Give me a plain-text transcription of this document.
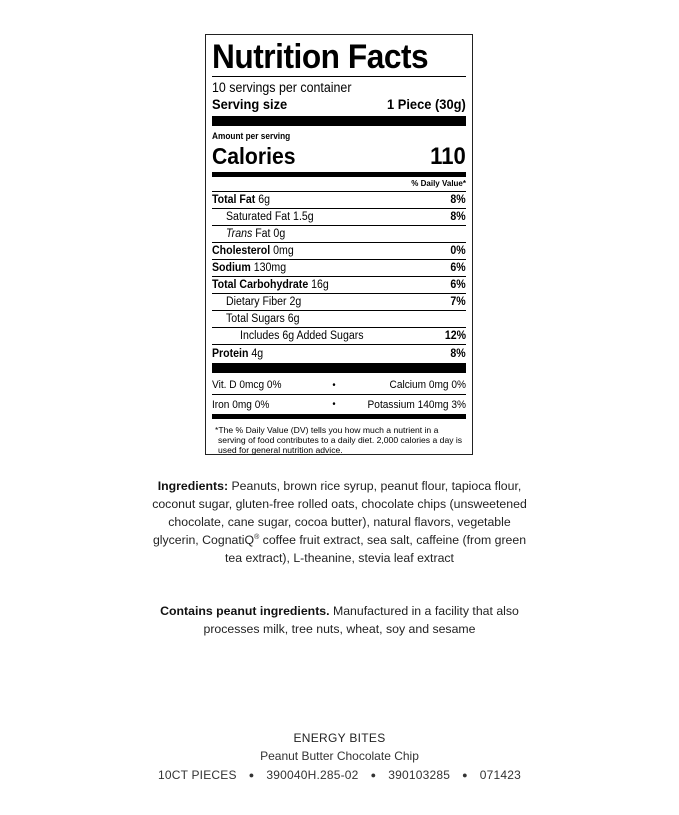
Nutrition Facts
10 servings per container
Serving size	1 Piece (30g)
Amount per serving
Calories	110
% Daily Value*
Total Fat 6g	8%
Saturated Fat 1.5g	8%
Trans Fat 0g
Cholesterol 0mg	0%
Sodium 130mg	6%
Total Carbohydrate 16g	6%
Dietary Fiber 2g	7%
Total Sugars 6g
Includes 6g Added Sugars	12%
Protein 4g	8%
Vit. D 0mcg 0%	•	Calcium 0mg 0%
Iron 0mg 0%	•	Potassium 140mg 3%
*The % Daily Value (DV) tells you how much a nutrient in a serving of food contributes to a daily diet. 2,000 calories a day is used for general nutrition advice.
Ingredients: Peanuts, brown rice syrup, peanut flour, tapioca flour, coconut sugar, gluten-free rolled oats, chocolate chips (unsweetened chocolate, cane sugar, cocoa butter), natural flavors, vegetable glycerin, CognatiQ® coffee fruit extract, sea salt, caffeine (from green tea extract), L-theanine, stevia leaf extract
Contains peanut ingredients. Manufactured in a facility that also processes milk, tree nuts, wheat, soy and sesame
ENERGY BITES
Peanut Butter Chocolate Chip
10CT PIECES ● 390040H.285-02 ● 390103285 ● 071423
